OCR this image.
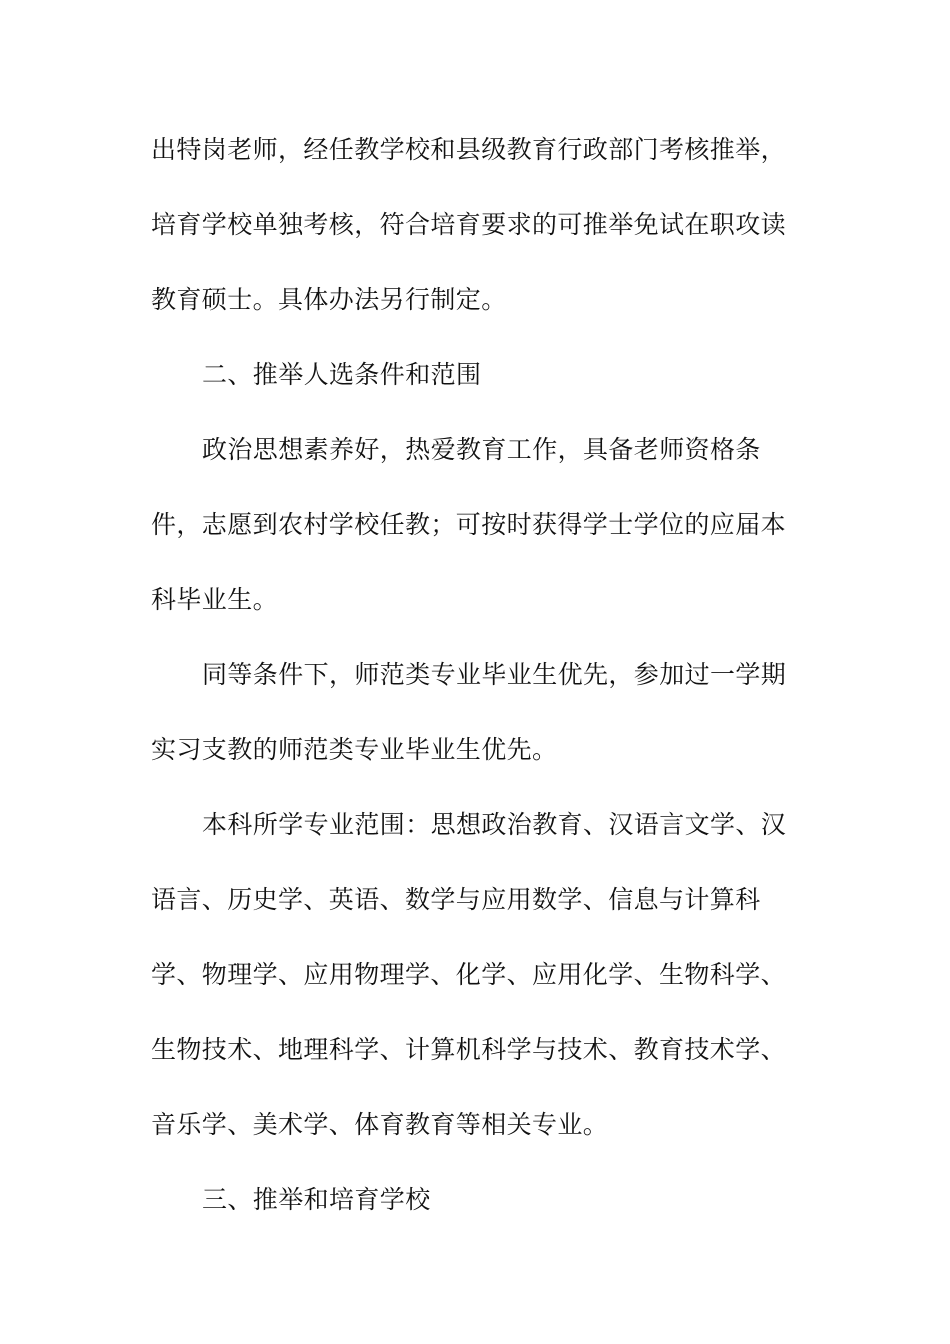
出特岗老师，经任教学校和县级教育行政部门考核推举，
培育学校单独考核，符合培育要求的可推举免试在职攻读
教育硕士。具体办法另行制定。
二、推举人选条件和范围
政治思想素养好，热爱教育工作，具备老师资格条
件，志愿到农村学校任教；可按时获得学士学位的应届本
科毕业生。
同等条件下，师范类专业毕业生优先，参加过一学期
实习支教的师范类专业毕业生优先。
本科所学专业范围：思想政治教育、汉语言文学、汉
语言、历史学、英语、数学与应用数学、信息与计算科
学、物理学、应用物理学、化学、应用化学、生物科学、
生物技术、地理科学、计算机科学与技术、教育技术学、
音乐学、美术学、体育教育等相关专业。
三、推举和培育学校
